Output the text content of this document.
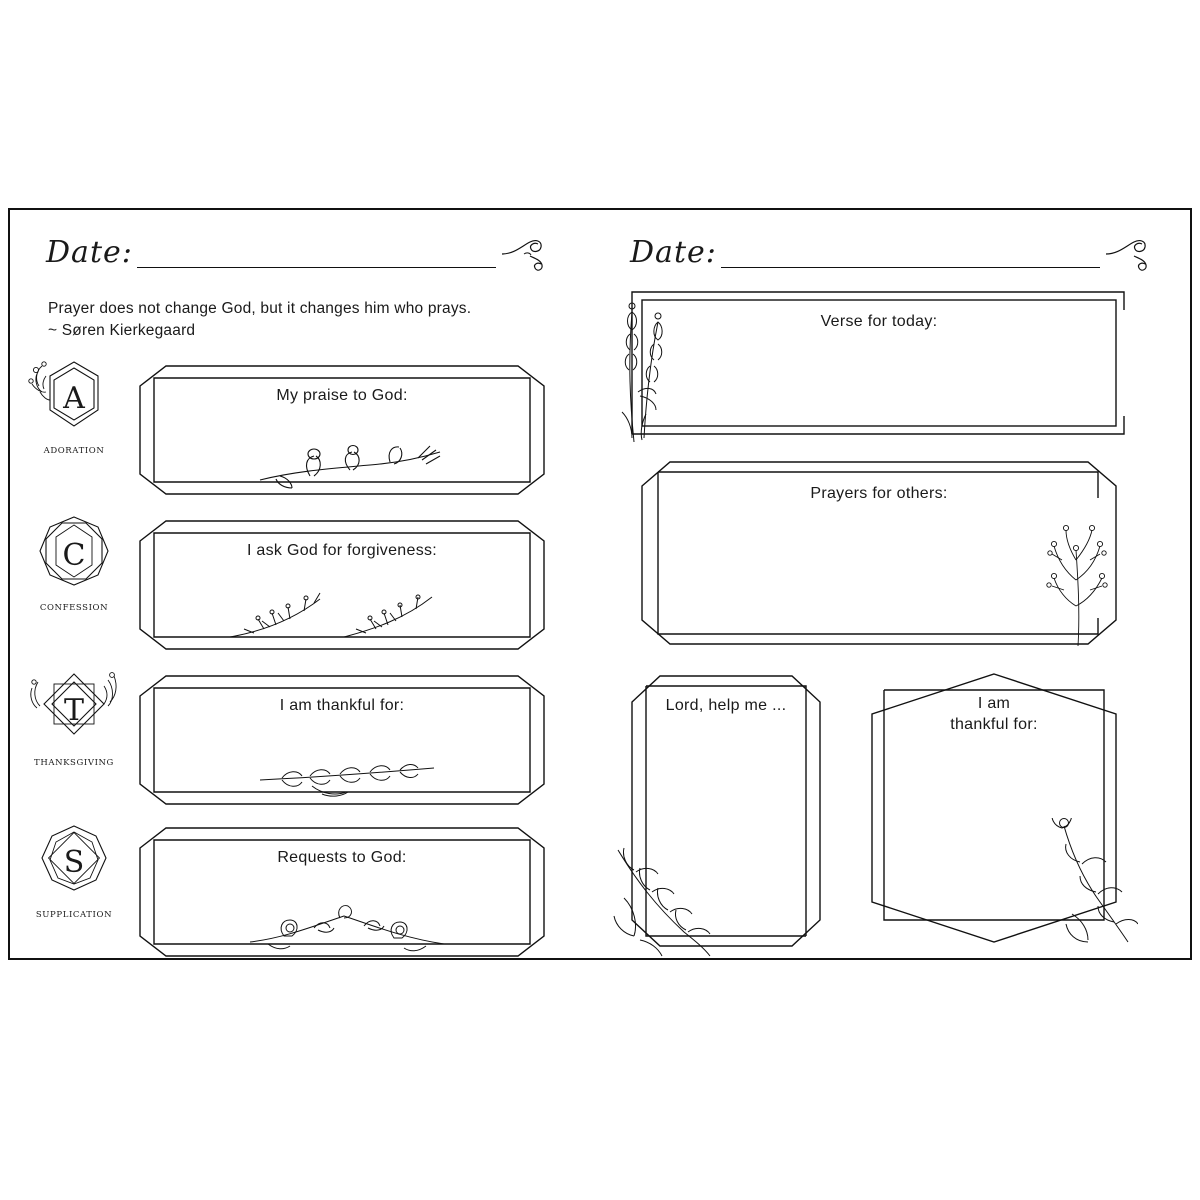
Date:
Prayer does not change God, but it changes him who prays. ~ Søren Kierkegaard
A
ADORATION
My praise to God:
C
CONFESSION
I ask God for forgiveness:
T
THANKSGIVING
I am thankful for:
S
SUPPLICATION
Requests to God:
Date:
Verse for today:
Prayers for others:
Lord, help me ...	I am
thankful for:
